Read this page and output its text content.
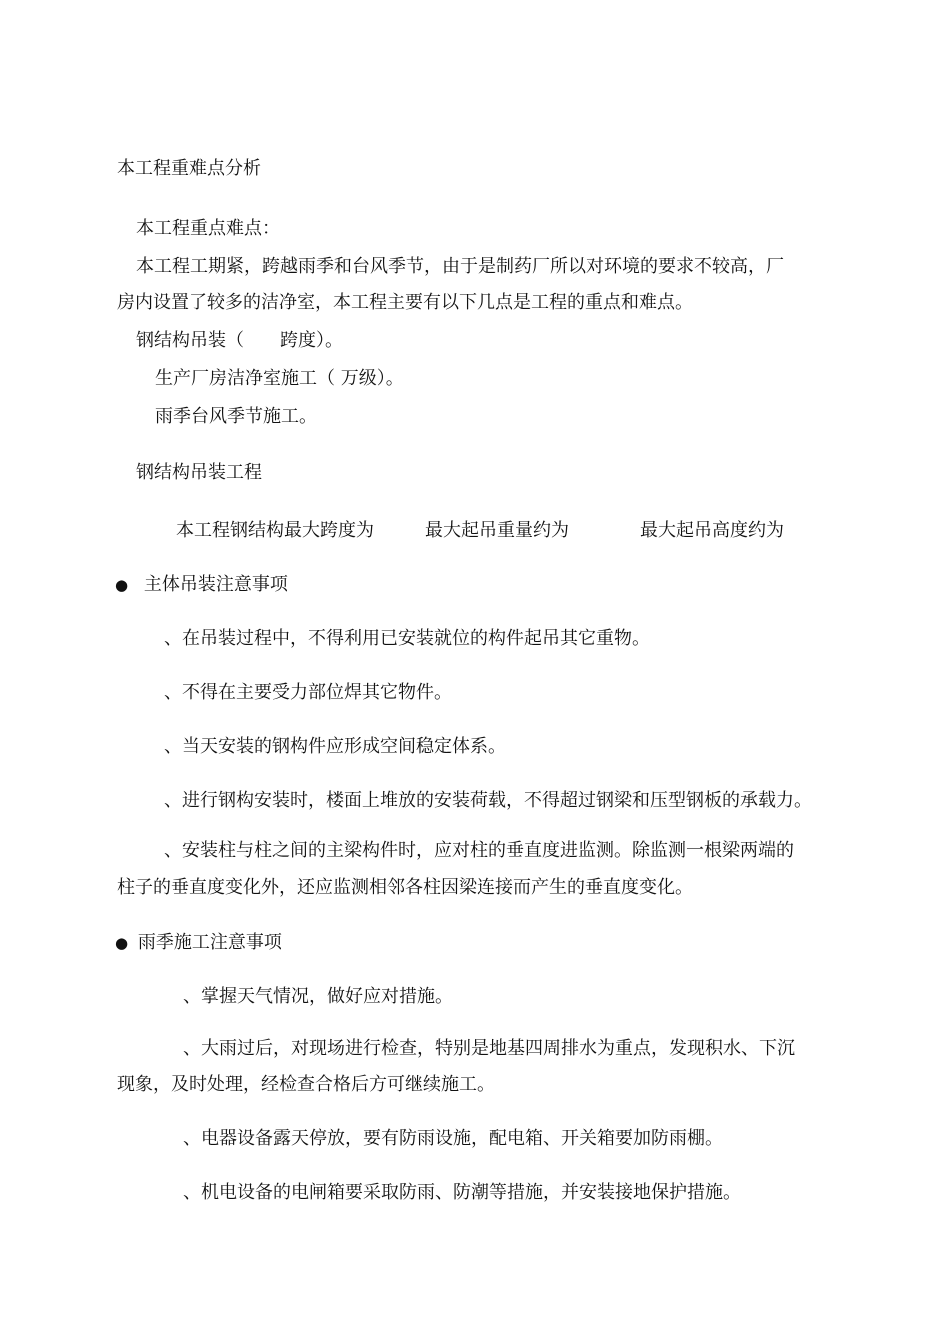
本工程重难点分析
本工程重点难点：
本工程工期紧，跨越雨季和台风季节，由于是制药厂所以对环境的要求不较高，厂
房内设置了较多的洁净室，本工程主要有以下几点是工程的重点和难点。
钢结构吊装（　　跨度）。
生产厂房洁净室施工（ 万级）。
雨季台风季节施工。
钢结构吊装工程
本工程钢结构最大跨度为	最大起吊重量约为	最大起吊高度约为
● 主体吊装注意事项
、在吊装过程中，不得利用已安装就位的构件起吊其它重物。
、不得在主要受力部位焊其它物件。
、当天安装的钢构件应形成空间稳定体系。
、进行钢构安装时，楼面上堆放的安装荷载，不得超过钢梁和压型钢板的承载力。
、安装柱与柱之间的主梁构件时，应对柱的垂直度进监测。除监测一根梁两端的
柱子的垂直度变化外，还应监测相邻各柱因梁连接而产生的垂直度变化。
● 雨季施工注意事项
、掌握天气情况，做好应对措施。
、大雨过后，对现场进行检查，特别是地基四周排水为重点，发现积水、下沉
现象，及时处理，经检查合格后方可继续施工。
、电器设备露天停放，要有防雨设施，配电箱、开关箱要加防雨棚。
、机电设备的电闸箱要采取防雨、防潮等措施，并安装接地保护措施。
